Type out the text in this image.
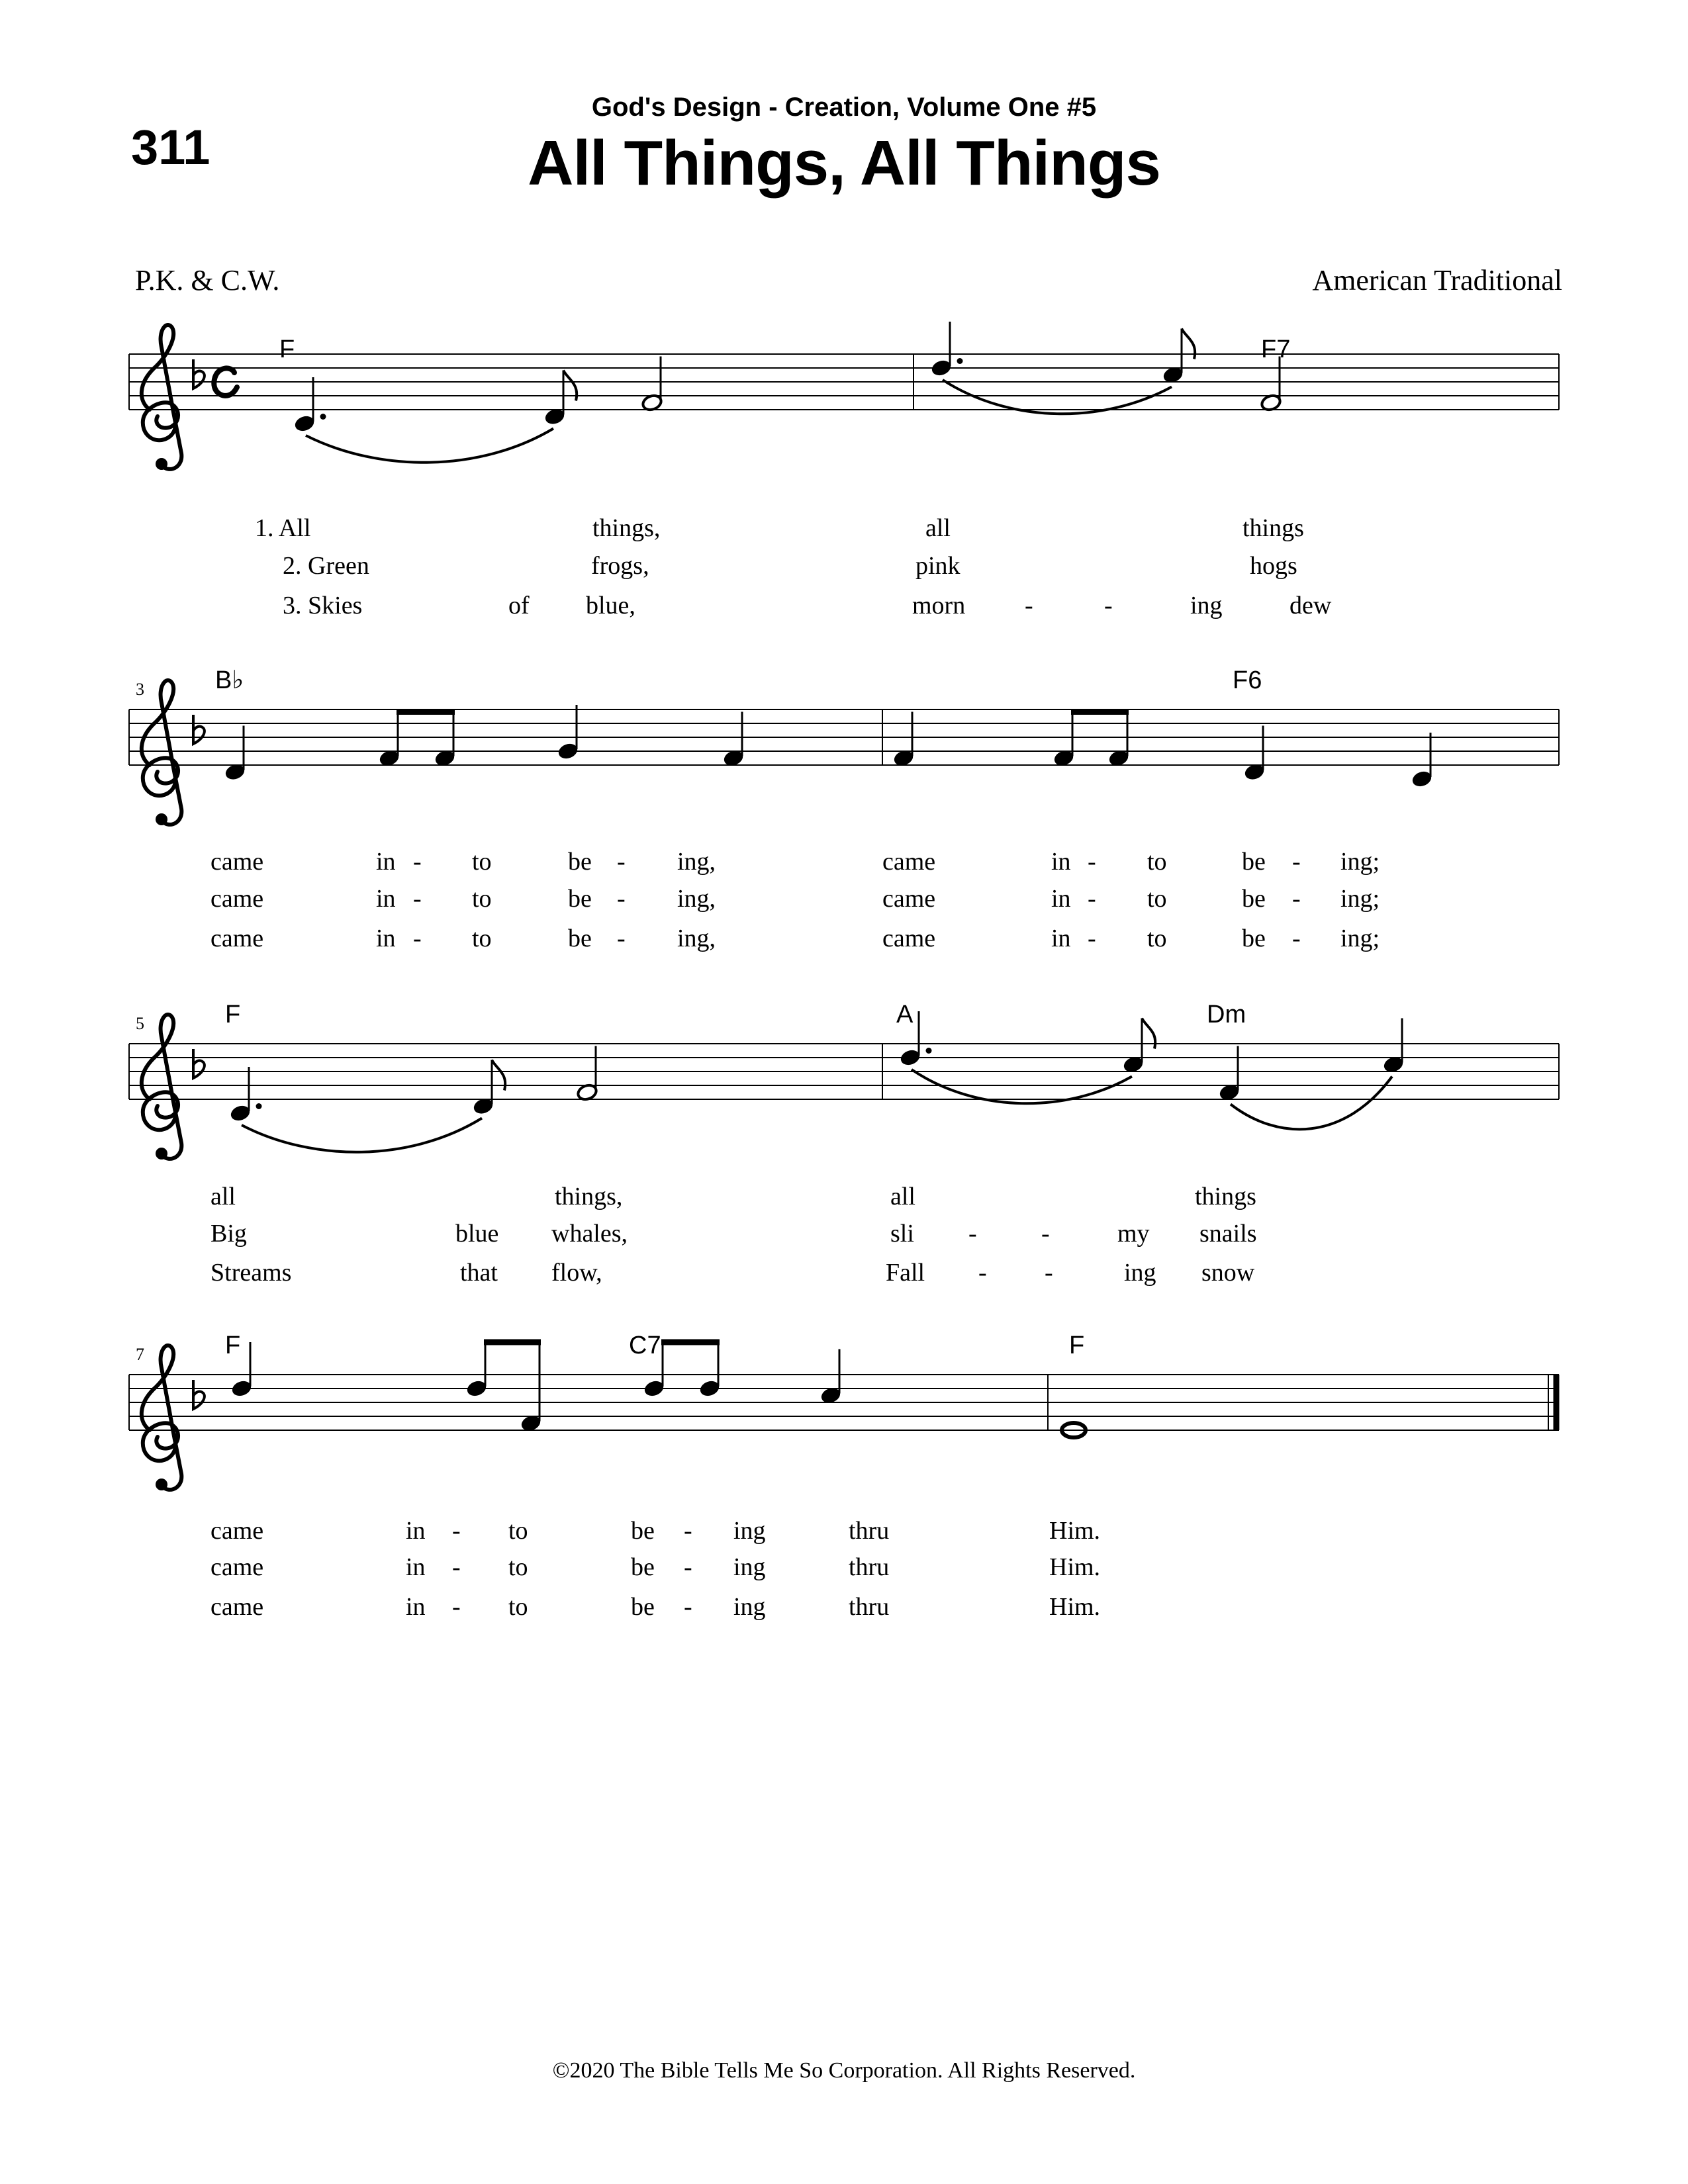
311
God's Design - Creation, Volume One #5
All Things, All Things
P.K. & C.W.	American Traditional
F	F7
1. All	things,	all	things
2. Green	frogs,	pink	hogs
3. Skies	of blue,	morn -	-	ing	dew
3	B♭	F6
came	in - to	be - ing,	came	in - to	be - ing;
came	in - to	be - ing,	came	in - to	be - ing;
came	in - to	be - ing,	came	in - to	be - ing;
5	F	A	Dm
all	things,	all	things
Big	blue whales,	sli -	-	my snails
Streams	that flow,	Fall - -	ing snow
7	F	C7	F
came	in - to	be - ing	thru	Him.
came	in - to	be - ing	thru	Him.
came	in - to	be - ing	thru	Him.
©2020 The Bible Tells Me So Corporation. All Rights Reserved.
